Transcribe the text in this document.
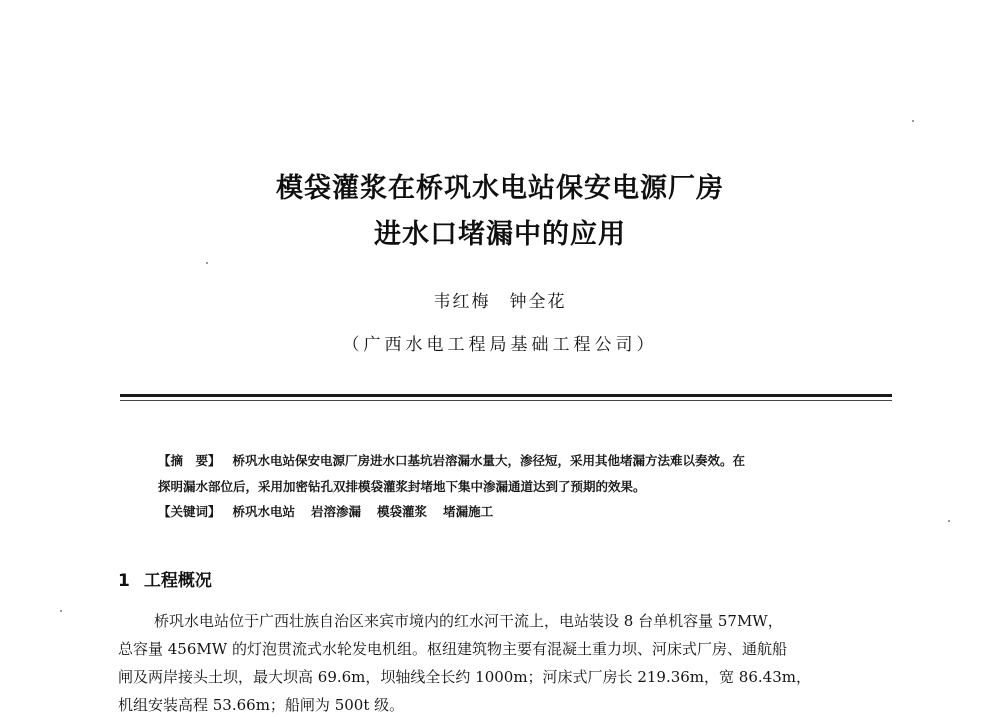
模袋灌浆在桥巩水电站保安电源厂房
进水口堵漏中的应用
韦红梅　钟全花
（广西水电工程局基础工程公司）
【摘　要】 桥巩水电站保安电源厂房进水口基坑岩溶漏水量大，渗径短，采用其他堵漏方法难以奏效。在
探明漏水部位后，采用加密钻孔双排模袋灌浆封堵地下集中渗漏通道达到了预期的效果。
【关键词】 桥巩水电站 岩溶渗漏 模袋灌浆 堵漏施工
1 工程概况
桥巩水电站位于广西壮族自治区来宾市境内的红水河干流上，电站装设 8 台单机容量 57MW，
总容量 456MW 的灯泡贯流式水轮发电机组。枢纽建筑物主要有混凝土重力坝、河床式厂房、通航船
闸及两岸接头土坝，最大坝高 69.6m，坝轴线全长约 1000m；河床式厂房长 219.36m，宽 86.43m，
机组安装高程 53.66m；船闸为 500t 级。
